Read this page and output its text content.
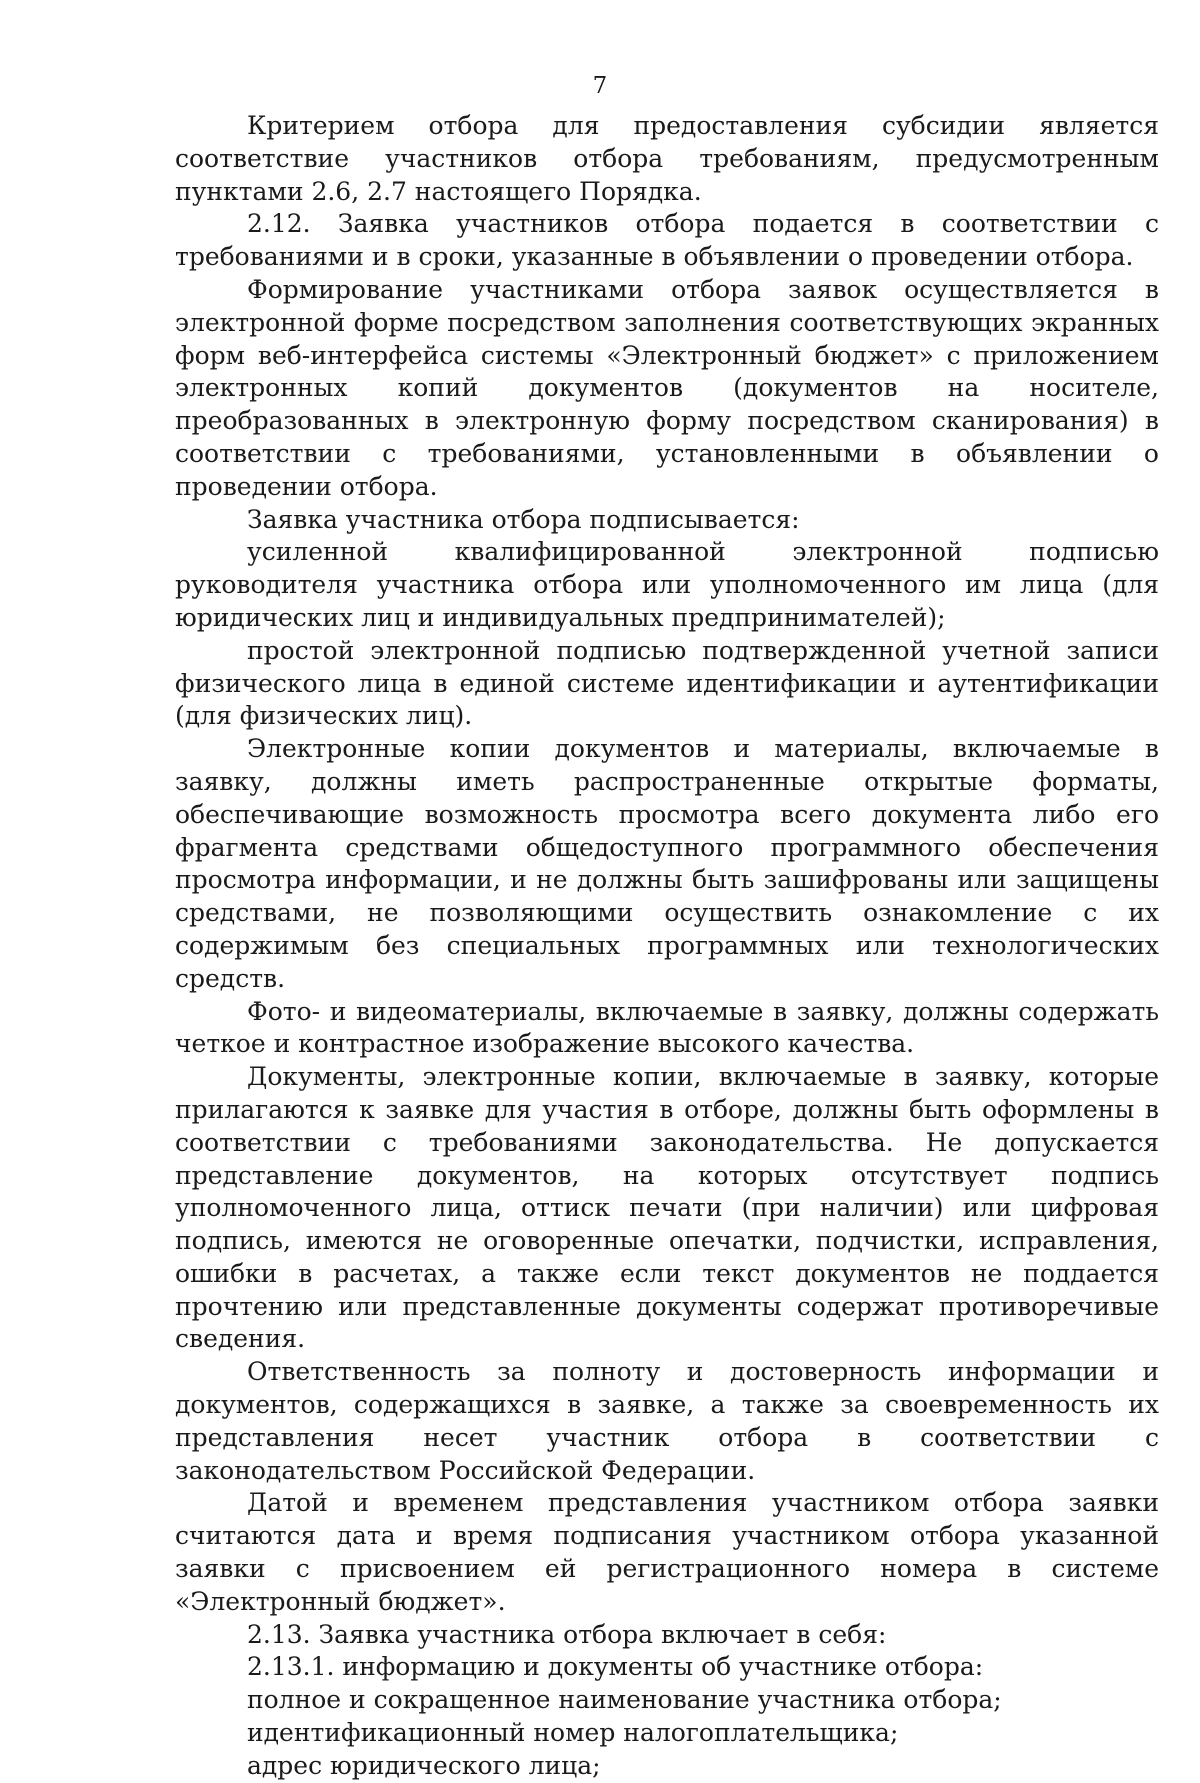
7

Критерием отбора для предоставления субсидии является соответствие участников отбора требованиям, предусмотренным пунктами 2.6, 2.7 настоящего Порядка.

2.12. Заявка участников отбора подается в соответствии с требованиями и в сроки, указанные в объявлении о проведении отбора.

Формирование участниками отбора заявок осуществляется в электронной форме посредством заполнения соответствующих экранных форм веб-интерфейса системы «Электронный бюджет» с приложением электронных копий документов (документов на носителе, преобразованных в электронную форму посредством сканирования) в соответствии с требованиями, установленными в объявлении о проведении отбора.

Заявка участника отбора подписывается:

усиленной квалифицированной электронной подписью руководителя участника отбора или уполномоченного им лица (для юридических лиц и индивидуальных предпринимателей);

простой электронной подписью подтвержденной учетной записи физического лица в единой системе идентификации и аутентификации (для физических лиц).

Электронные копии документов и материалы, включаемые в заявку, должны иметь распространенные открытые форматы, обеспечивающие возможность просмотра всего документа либо его фрагмента средствами общедоступного программного обеспечения просмотра информации, и не должны быть зашифрованы или защищены средствами, не позволяющими осуществить ознакомление с их содержимым без специальных программных или технологических средств.

Фото- и видеоматериалы, включаемые в заявку, должны содержать четкое и контрастное изображение высокого качества.

Документы, электронные копии, включаемые в заявку, которые прилагаются к заявке для участия в отборе, должны быть оформлены в соответствии с требованиями законодательства. Не допускается представление документов, на которых отсутствует подпись уполномоченного лица, оттиск печати (при наличии) или цифровая подпись, имеются не оговоренные опечатки, подчистки, исправления, ошибки в расчетах, а также если текст документов не поддается прочтению или представленные документы содержат противоречивые сведения.

Ответственность за полноту и достоверность информации и документов, содержащихся в заявке, а также за своевременность их представления несет участник отбора в соответствии с законодательством Российской Федерации.

Датой и временем представления участником отбора заявки считаются дата и время подписания участником отбора указанной заявки с присвоением ей регистрационного номера в системе «Электронный бюджет».

2.13. Заявка участника отбора включает в себя:

2.13.1. информацию и документы об участнике отбора:

полное и сокращенное наименование участника отбора;

идентификационный номер налогоплательщика;

адрес юридического лица;
